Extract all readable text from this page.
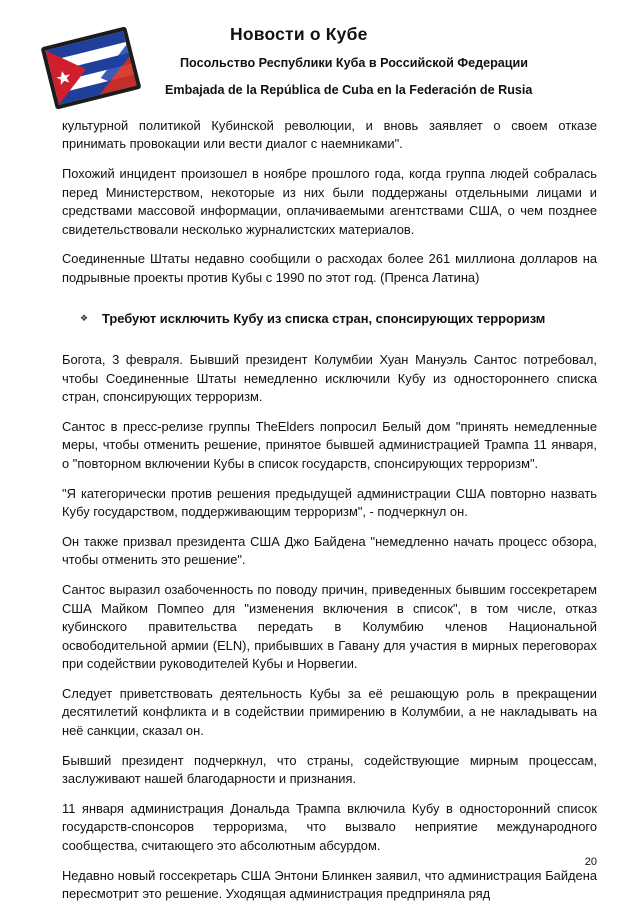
Новости о Кубе
Посольство Республики Куба в Российской Федерации
Embajada de la República de Cuba en la Federación de Rusia

культурной политикой Кубинской революции, и вновь заявляет о своем отказе принимать провокации или вести диалог с наемниками".

Похожий инцидент произошел в ноябре прошлого года, когда группа людей собралась перед Министерством, некоторые из них были поддержаны отдельными лицами и средствами массовой информации, оплачиваемыми агентствами США, о чем позднее свидетельствовали несколько журналистских материалов.

Соединенные Штаты недавно сообщили о расходах более 261 миллиона долларов на подрывные проекты против Кубы с 1990 по этот год. (Пренса Латина)

❖	Требуют исключить Кубу из списка стран, спонсирующих терроризм

Богота, 3 февраля. Бывший президент Колумбии Хуан Мануэль Сантос потребовал, чтобы Соединенные Штаты немедленно исключили Кубу из одностороннего списка стран, спонсирующих терроризм.

Сантос в пресс-релизе группы TheElders попросил Белый дом "принять немедленные меры, чтобы отменить решение, принятое бывшей администрацией Трампа 11 января, о "повторном включении Кубы в список государств, спонсирующих терроризм".

"Я категорически против решения предыдущей администрации США повторно назвать Кубу государством, поддерживающим терроризм", - подчеркнул он.

Он также призвал президента США Джо Байдена "немедленно начать процесс обзора, чтобы отменить это решение".

Сантос выразил озабоченность по поводу причин, приведенных бывшим госсекретарем США Майком Помпео для "изменения включения в список", в том числе, отказ кубинского правительства передать в Колумбию членов Национальной освободительной армии (ELN), прибывших в Гавану для участия в мирных переговорах при содействии руководителей Кубы и Норвегии.

Следует приветствовать деятельность Кубы за её решающую роль в прекращении десятилетий конфликта и в содействии примирению в Колумбии, а не накладывать на неё санкции, сказал он.

Бывший президент подчеркнул, что страны, содействующие мирным процессам, заслуживают нашей благодарности и признания.

11 января администрация Дональда Трампа включила Кубу в односторонний список государств-спонсоров терроризма, что вызвало неприятие международного сообщества, считающего это абсолютным абсурдом.

Недавно новый госсекретарь США Энтони Блинкен заявил, что администрация Байдена пересмотрит это решение. Уходящая администрация предприняла ряд

20
